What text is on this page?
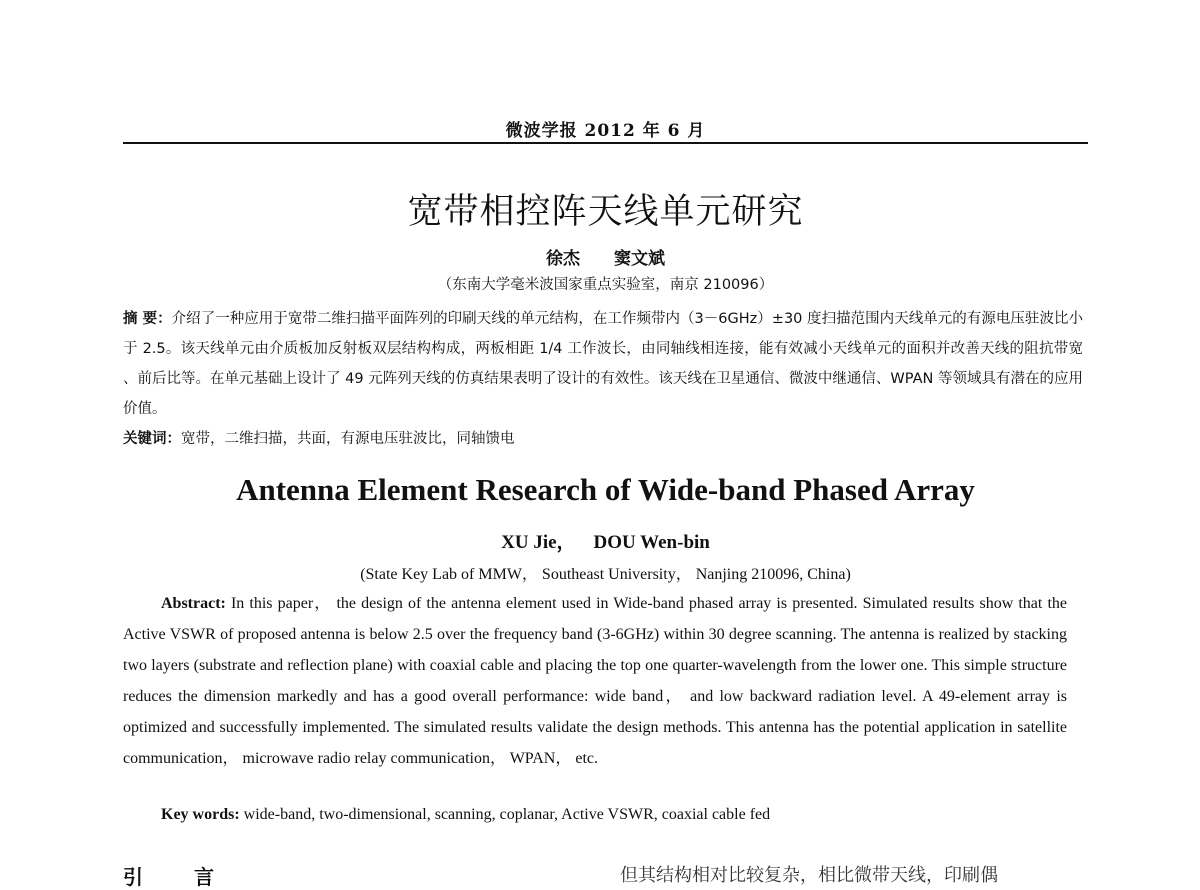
微波学报 2012 年 6 月
宽带相控阵天线单元研究
徐杰 窦文斌
（东南大学毫米波国家重点实验室，南京 210096）
摘 要：介绍了一种应用于宽带二维扫描平面阵列的印刷天线的单元结构，在工作频带内（3－6GHz）±30 度扫描范围内天线单元的有源电压驻波比小于 2.5。该天线单元由介质板加反射板双层结构构成，两板相距 1/4 工作波长，由同轴线相连接，能有效减小天线单元的面积并改善天线的阻抗带宽 、前后比等。在单元基础上设计了 49 元阵列天线的仿真结果表明了设计的有效性。该天线在卫星通信、微波中继通信、WPAN 等领域具有潜在的应用价值。
关键词：宽带，二维扫描，共面，有源电压驻波比，同轴馈电
Antenna Element Research of Wide-band Phased Array
XU Jie， DOU Wen-bin
(State Key Lab of MMW， Southeast University， Nanjing 210096, China)
Abstract: In this paper， the design of the antenna element used in Wide-band phased array is presented. Simulated results show that the Active VSWR of proposed antenna is below 2.5 over the frequency band (3-6GHz) within 30 degree scanning. The antenna is realized by stacking two layers (substrate and reflection plane) with coaxial cable and placing the top one quarter-wavelength from the lower one. This simple structure reduces the dimension markedly and has a good overall performance: wide band， and low backward radiation level. A 49-element array is optimized and successfully implemented. The simulated results validate the design methods. This antenna has the potential application in satellite communication， microwave radio relay communication， WPAN， etc.
Key words: wide-band, two-dimensional, scanning, coplanar, Active VSWR, coaxial cable fed
引 言	但其结构相对比较复杂，相比微带天线，印刷偶
